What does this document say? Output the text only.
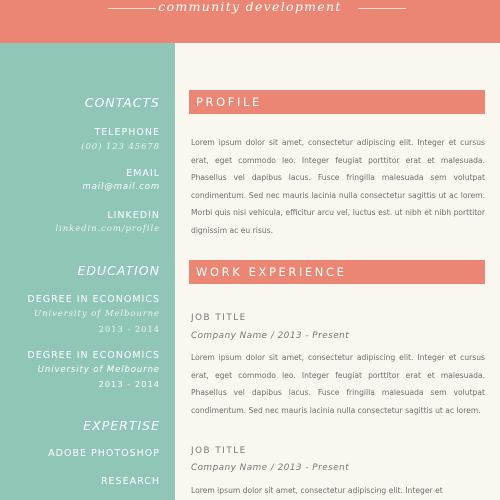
community development
CONTACTS
TELEPHONE
(00) 123 45678
EMAIL
mail@mail.com
LINKEDIN
linkedin.com/profile
EDUCATION
DEGREE IN ECONOMICS
University of Melbourne
2013 - 2014
DEGREE IN ECONOMICS
University of Melbourne
2013 - 2014
EXPERTISE
ADOBE PHOTOSHOP
RESEARCH
PROFILE
Lorem ipsum dolor sit amet, consectetur adipiscing elit. Integer et cursus erat, eget commodo leo. Integer feugiat porttitor erat et malesuada. Phasellus vel dapibus lacus. Fusce fringilla malesuada sem volutpat condimentum. Sed nec mauris lacinia nulla consectetur sagittis ut ac lorem. Morbi quis nisi vehicula, efficitur arcu vel, luctus est. ut nibh et nibh porttitor dignissim ac eu risus.
WORK EXPERIENCE
JOB TITLE
Company Name / 2013 - Present
Lorem ipsum dolor sit amet, consectetur adipiscing elit. Integer et cursus erat, eget commodo leo. Integer feugiat porttitor erat et malesuada. Phasellus vel dapibus lacus. Fusce fringilla malesuada sem volutpat condimentum. Sed nec mauris lacinia nulla consectetur sagittis ut ac lorem.
JOB TITLE
Company Name / 2013 - Present
Lorem ipsum dolor sit amet, consectetur adipiscing elit. Integer et
